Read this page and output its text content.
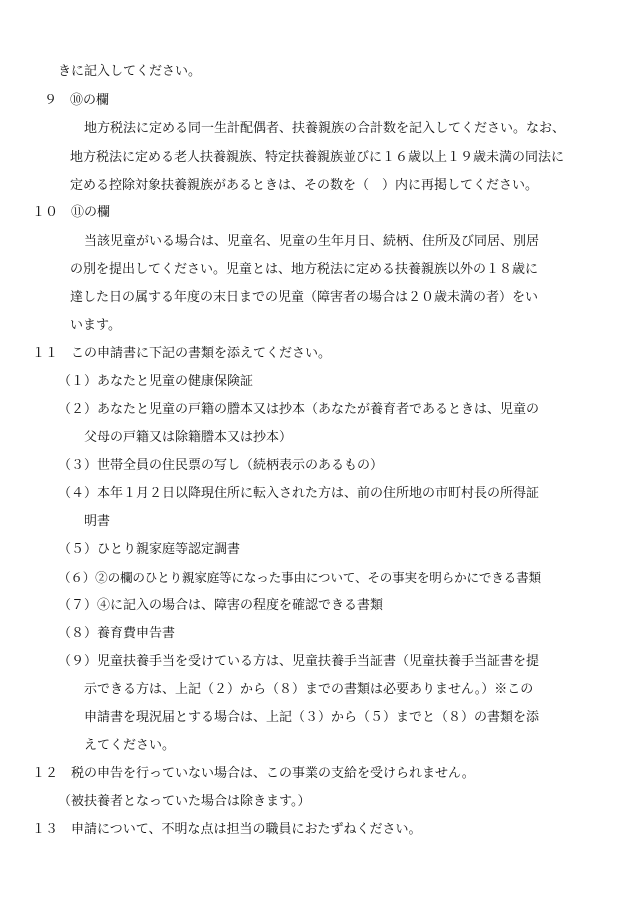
きに記入してください。
９　⑩の欄
地方税法に定める同一生計配偶者、扶養親族の合計数を記入してください。なお、
地方税法に定める老人扶養親族、特定扶養親族並びに１６歳以上１９歳未満の同法に
定める控除対象扶養親族があるときは、その数を（　）内に再掲してください。
１０　⑪の欄
当該児童がいる場合は、児童名、児童の生年月日、続柄、住所及び同居、別居
の別を提出してください。児童とは、地方税法に定める扶養親族以外の１８歳に
達した日の属する年度の末日までの児童（障害者の場合は２０歳未満の者）をい
います。
１１　この申請書に下記の書類を添えてください。
（１）あなたと児童の健康保険証
（２）あなたと児童の戸籍の謄本又は抄本（あなたが養育者であるときは、児童の
父母の戸籍又は除籍謄本又は抄本）
（３）世帯全員の住民票の写し（続柄表示のあるもの）
（４）本年１月２日以降現住所に転入された方は、前の住所地の市町村長の所得証
明書
（５）ひとり親家庭等認定調書
（６）②の欄のひとり親家庭等になった事由について、その事実を明らかにできる書類
（７）④に記入の場合は、障害の程度を確認できる書類
（８）養育費申告書
（９）児童扶養手当を受けている方は、児童扶養手当証書（児童扶養手当証書を提
示できる方は、上記（２）から（８）までの書類は必要ありません。）※この
申請書を現況届とする場合は、上記（３）から（５）までと（８）の書類を添
えてください。
１２　税の申告を行っていない場合は、この事業の支給を受けられません。
（被扶養者となっていた場合は除きます。）
１３　申請について、不明な点は担当の職員におたずねください。
